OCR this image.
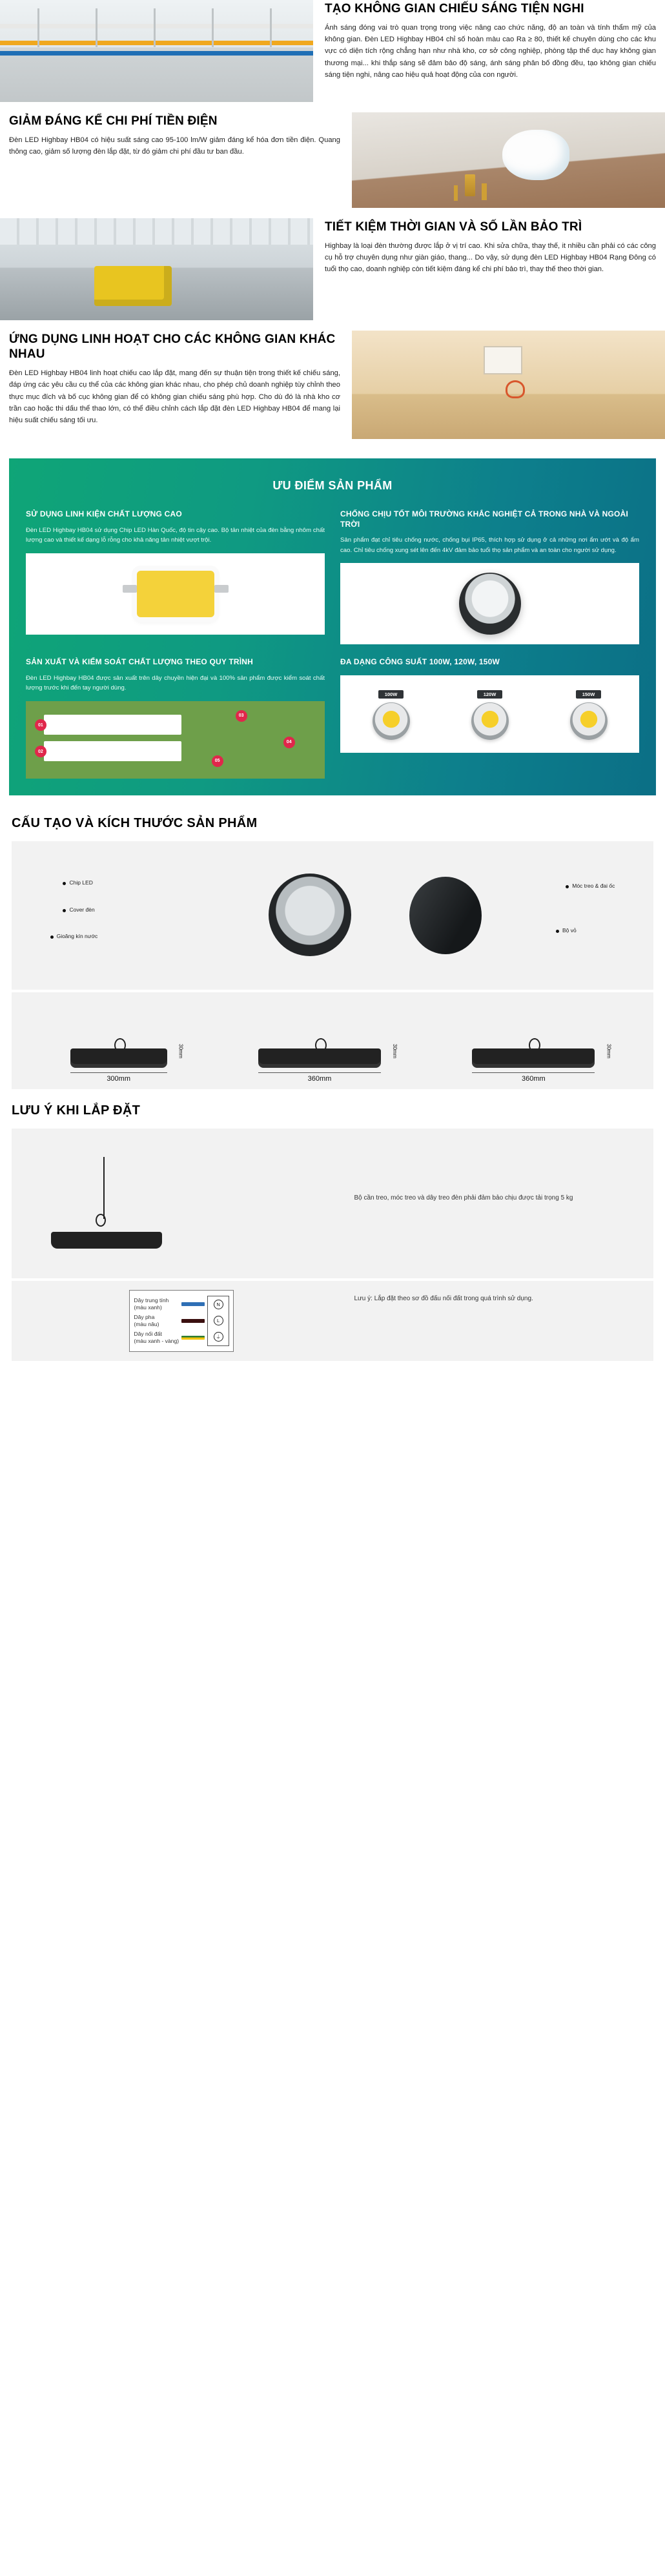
TẠO KHÔNG GIAN CHIẾU SÁNG TIỆN NGHI

Ánh sáng đóng vai trò quan trọng trong việc nâng cao chức năng, độ an toàn và tính thẩm mỹ của không gian. Đèn LED Highbay HB04 chỉ số hoàn màu cao Ra ≥ 80, thiết kế chuyên dùng cho các khu vực có diện tích rộng chẳng hạn như nhà kho, cơ sở công nghiệp, phòng tập thể dục hay không gian thương mại... khi thắp sáng sẽ đảm bảo độ sáng, ánh sáng phân bố đồng đều, tạo không gian chiếu sáng tiện nghi, nâng cao hiệu quả hoạt động của con người.

GIẢM ĐÁNG KỂ CHI PHÍ TIỀN ĐIỆN

Đèn LED Highbay HB04 có hiệu suất sáng cao 95-100 lm/W giảm đáng kể hóa đơn tiền điện. Quang thông cao, giảm số lượng đèn lắp đặt, từ đó giảm chi phí đầu tư ban đầu.

TIẾT KIỆM THỜI GIAN VÀ SỐ LẦN BẢO TRÌ

Highbay là loại đèn thường được lắp ở vị trí cao. Khi sửa chữa, thay thế, it nhiều cần phải có các công cụ hỗ trợ chuyên dụng như giàn giáo, thang... Do vậy, sử dụng đèn LED Highbay HB04 Rạng Đông có tuổi thọ cao, doanh nghiệp còn tiết kiệm đáng kể chi phí bảo trì, thay thế theo thời gian.

ỨNG DỤNG LINH HOẠT CHO CÁC KHÔNG GIAN KHÁC NHAU

Đèn LED Highbay HB04 linh hoạt chiếu cao lắp đặt, mang đến sự thuận tiện trong thiết kế chiếu sáng, đáp ứng các yêu cầu cụ thể của các không gian khác nhau, cho phép chủ doanh nghiệp tùy chỉnh theo thực mục đích và bố cục không gian để có không gian chiếu sáng phù hợp. Cho dù đó là nhà kho cơ trần cao hoặc thi dấu thể thao lớn, có thể điều chỉnh cách lắp đặt đèn LED Highbay HB04 để mang lại hiệu suất chiếu sáng tối ưu.

ƯU ĐIỂM SẢN PHẨM
SỬ DỤNG LINH KIỆN CHẤT LƯỢNG CAO

Đèn LED Highbay HB04 sử dụng Chip LED Hàn Quốc, độ tin cậy cao. Bộ tản nhiệt của đèn bằng nhôm chất lượng cao và thiết kế dạng lỗ rỗng cho khả năng tản nhiệt vượt trội.

CHỐNG CHỊU TỐT MÔI TRƯỜNG KHẮC NGHIỆT CẢ TRONG NHÀ VÀ NGOÀI TRỜI

Sản phẩm đạt chỉ tiêu chống nước, chống bụi IP65, thích hợp sử dụng ở cả những nơi ẩm ướt và độ ẩm cao. Chỉ tiêu chống xung sét lên đến 4kV đảm bảo tuổi thọ sản phẩm và an toàn cho người sử dụng.

SẢN XUẤT VÀ KIỂM SOÁT CHẤT LƯỢNG THEO QUY TRÌNH

Đèn LED Highbay HB04 được sản xuất trên dây chuyền hiện đại và 100% sản phẩm được kiểm soát chất lượng trước khi đến tay người dùng.

01
02
03
04
05
ĐA DẠNG CÔNG SUẤT 100W, 120W, 150W

100W	120W	150W
CẤU TẠO VÀ KÍCH THƯỚC SẢN PHẨM
Chip LED
Cover đèn
Gioăng kín nước
Móc treo & đai ốc
Bộ vỏ
30mm
300mm
30mm
360mm
30mm
360mm
LƯU Ý KHI LẮP ĐẶT

Bộ cần treo, móc treo và dây treo đèn phải đảm bảo chịu được tải trọng 5 kg

Dây trung tính
(màu xanh)
Dây pha
(màu nâu)
Dây nối đất
(màu xanh - vàng)
N
L
⏚

Lưu ý: Lắp đặt theo sơ đồ đấu nối đất trong quá trình sử dụng.
